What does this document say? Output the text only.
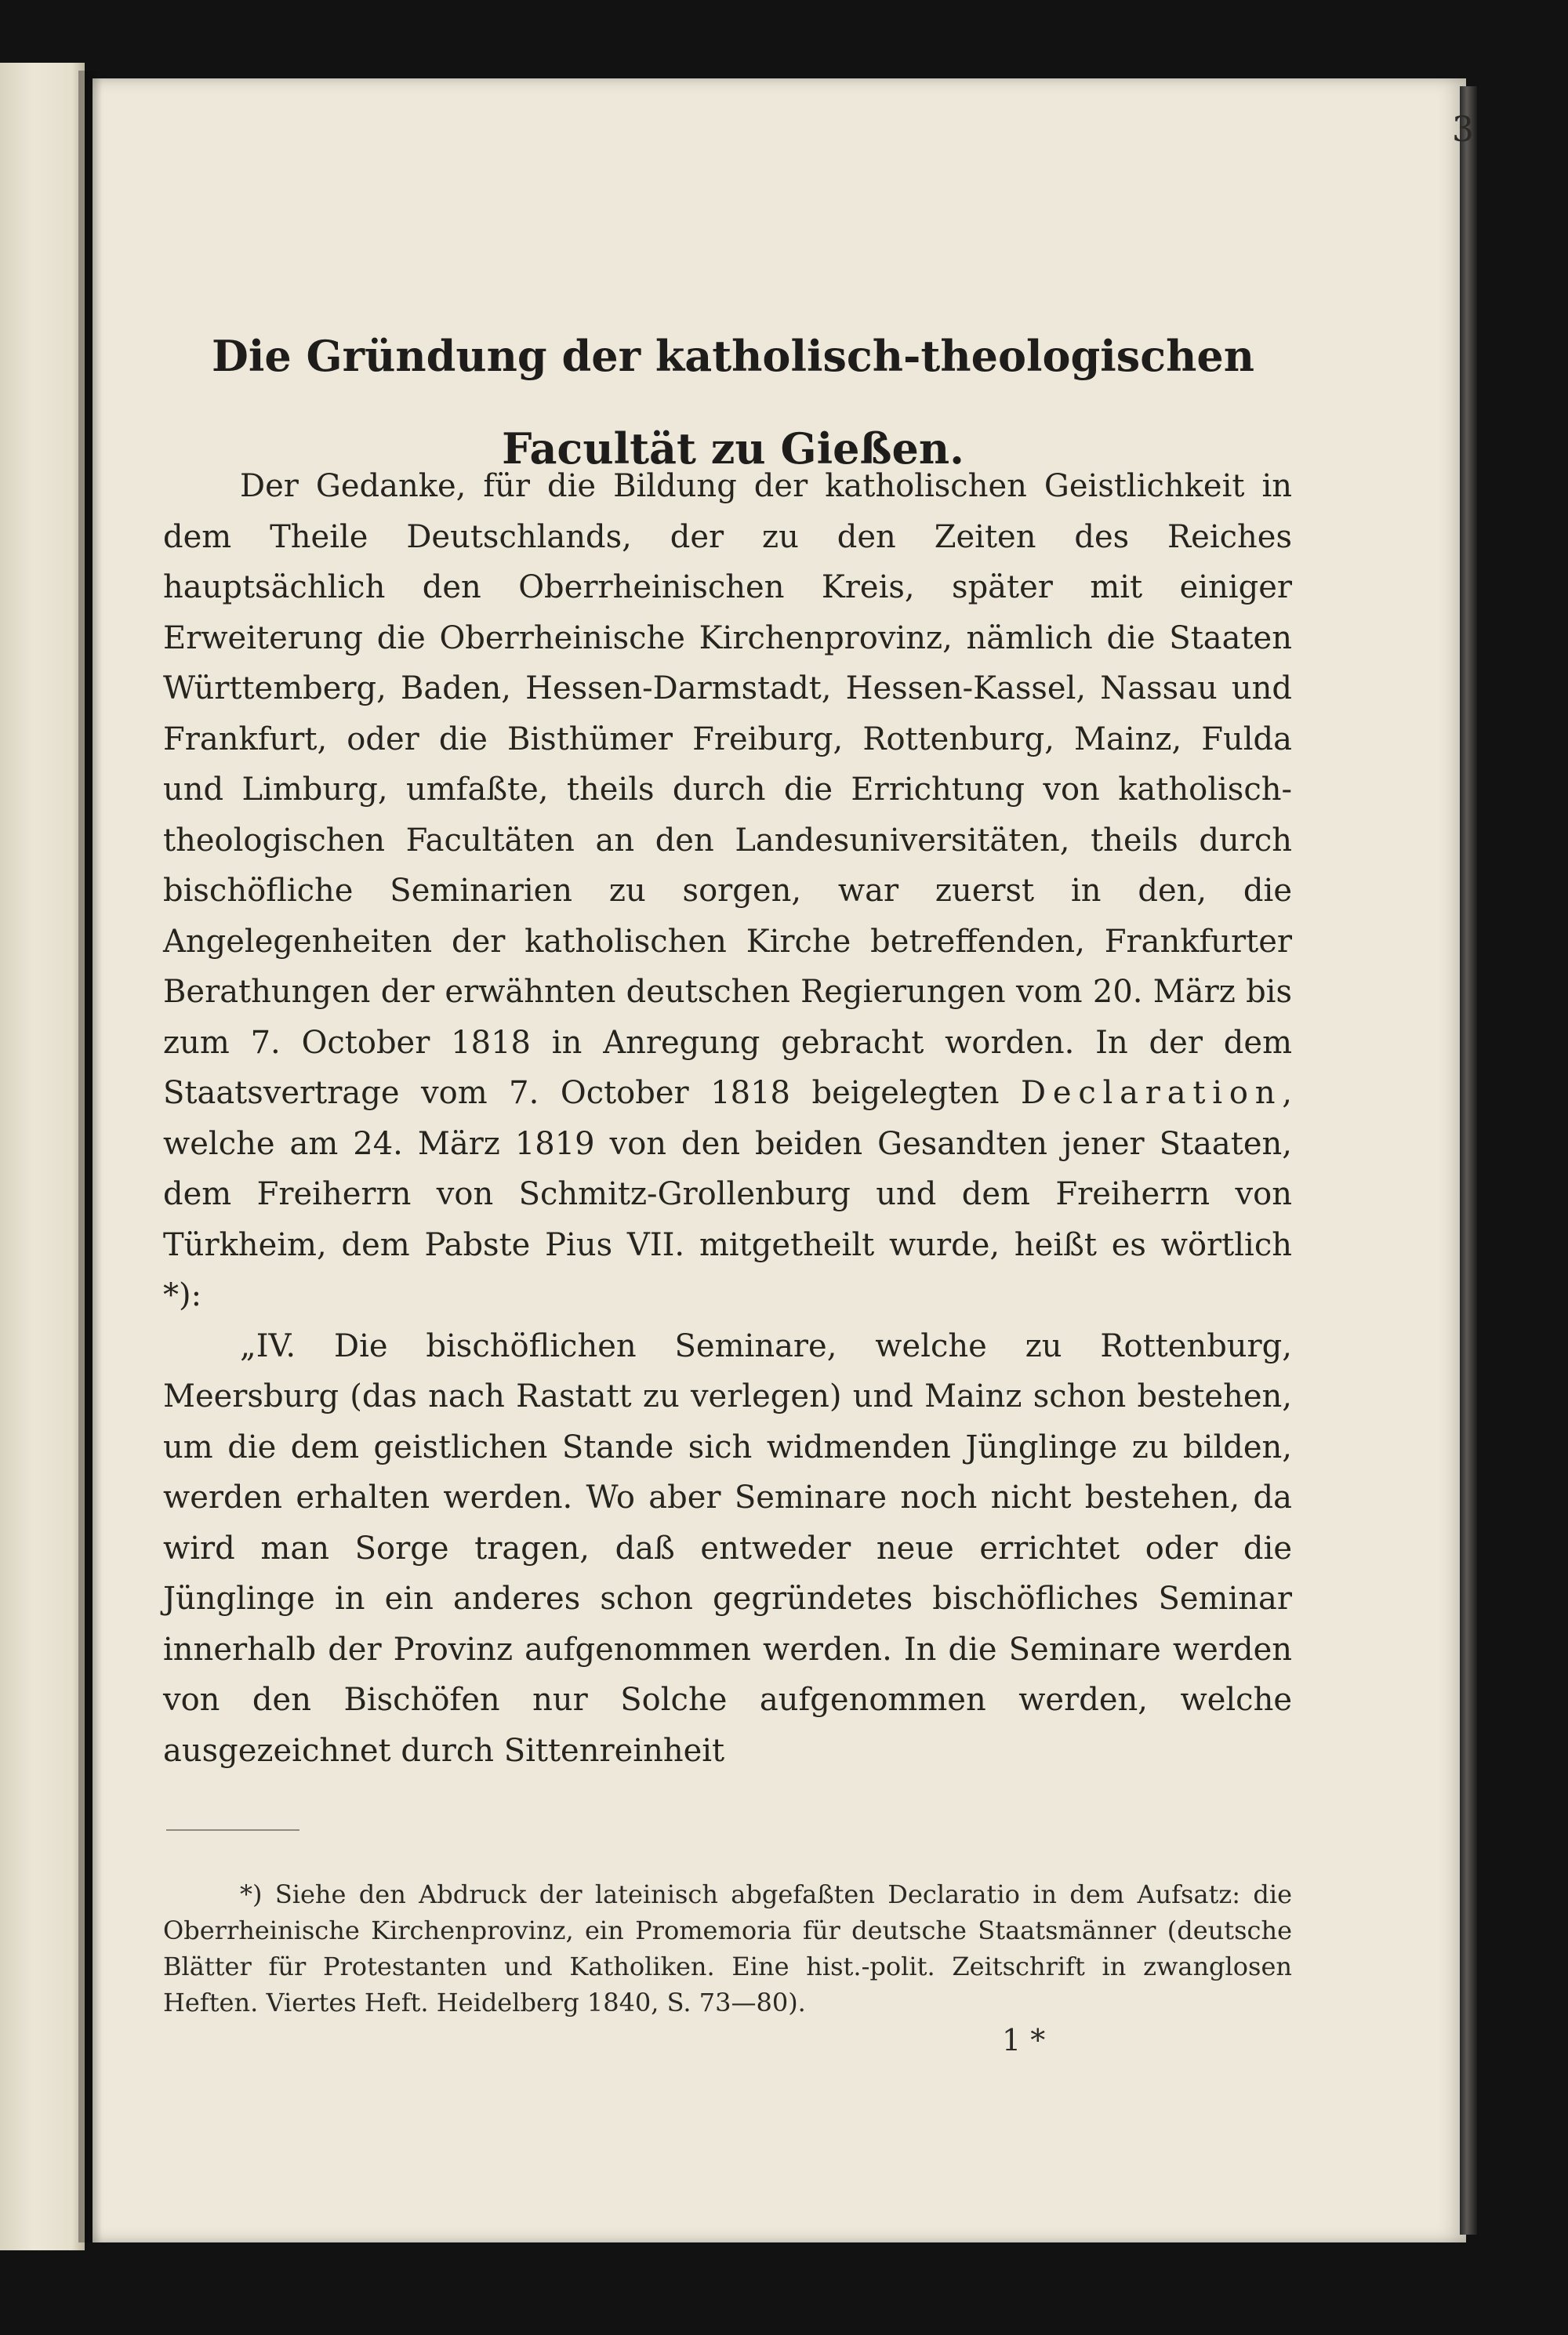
3
Die Gründung der katholisch-theologischen Facultät zu Gießen.

Der Gedanke, für die Bildung der katholischen Geistlichkeit in dem Theile Deutschlands, der zu den Zeiten des Reiches hauptsächlich den Oberrheinischen Kreis, später mit einiger Erweiterung die Oberrheinische Kirchenprovinz, nämlich die Staaten Württemberg, Baden, Hessen-Darmstadt, Hessen-Kassel, Nassau und Frankfurt, oder die Bisthümer Freiburg, Rottenburg, Mainz, Fulda und Limburg, umfaßte, theils durch die Errichtung von katholisch-theologischen Facultäten an den Landesuniversitäten, theils durch bischöfliche Seminarien zu sorgen, war zuerst in den, die Angelegenheiten der katholischen Kirche betreffenden, Frankfurter Berathungen der erwähnten deutschen Regierungen vom 20. März bis zum 7. October 1818 in Anregung gebracht worden. In der dem Staatsvertrage vom 7. October 1818 beigelegten Declaration, welche am 24. März 1819 von den beiden Gesandten jener Staaten, dem Freiherrn von Schmitz-Grollenburg und dem Freiherrn von Türkheim, dem Pabste Pius VII. mitgetheilt wurde, heißt es wörtlich *):

„IV. Die bischöflichen Seminare, welche zu Rottenburg, Meersburg (das nach Rastatt zu verlegen) und Mainz schon bestehen, um die dem geistlichen Stande sich widmenden Jünglinge zu bilden, werden erhalten werden. Wo aber Seminare noch nicht bestehen, da wird man Sorge tragen, daß entweder neue errichtet oder die Jünglinge in ein anderes schon gegründetes bischöfliches Seminar innerhalb der Provinz aufgenommen werden. In die Seminare werden von den Bischöfen nur Solche aufgenommen werden, welche ausgezeichnet durch Sittenreinheit

*) Siehe den Abdruck der lateinisch abgefaßten Declaratio in dem Aufsatz: die Oberrheinische Kirchenprovinz, ein Promemoria für deutsche Staatsmänner (deutsche Blätter für Protestanten und Katholiken. Eine hist.-polit. Zeitschrift in zwanglosen Heften. Viertes Heft. Heidelberg 1840, S. 73—80).

1 *
